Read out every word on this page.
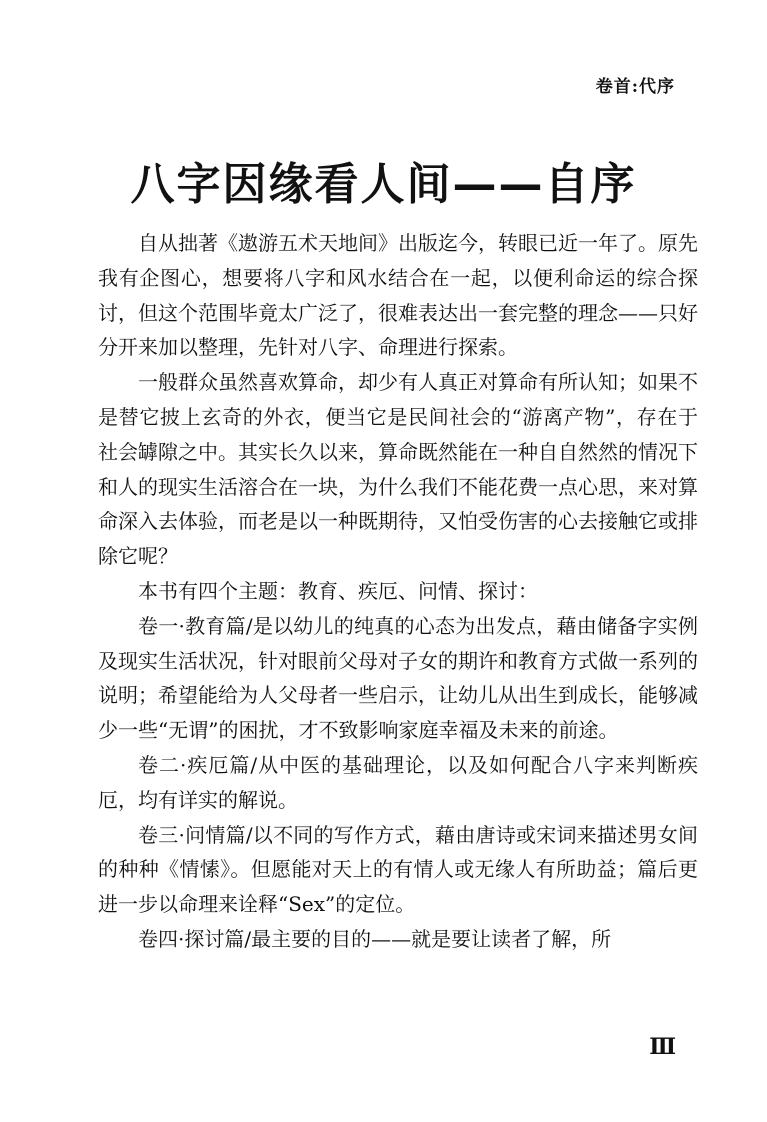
卷首:代序
八字因缘看人间——自序

自从拙著《遨游五术天地间》出版迄今，转眼已近一年了。原先我有企图心，想要将八字和风水结合在一起，以便利命运的综合探讨，但这个范围毕竟太广泛了，很难表达出一套完整的理念——只好分开来加以整理，先针对八字、命理进行探索。

一般群众虽然喜欢算命，却少有人真正对算命有所认知；如果不是替它披上玄奇的外衣，便当它是民间社会的“游离产物”，存在于社会罅隙之中。其实长久以来，算命既然能在一种自自然然的情况下和人的现实生活溶合在一块，为什么我们不能花费一点心思，来对算命深入去体验，而老是以一种既期待，又怕受伤害的心去接触它或排除它呢？

本书有四个主题：教育、疾厄、问情、探讨：

卷一·教育篇/是以幼儿的纯真的心态为出发点，藉由储备字实例及现实生活状况，针对眼前父母对子女的期许和教育方式做一系列的说明；希望能给为人父母者一些启示，让幼儿从出生到成长，能够减少一些“无谓”的困扰，才不致影响家庭幸福及未来的前途。

卷二·疾厄篇/从中医的基础理论，以及如何配合八字来判断疾厄，均有详实的解说。

卷三·问情篇/以不同的写作方式，藉由唐诗或宋词来描述男女间的种种《情愫》。但愿能对天上的有情人或无缘人有所助益；篇后更进一步以命理来诠释“Sex”的定位。

卷四·探讨篇/最主要的目的——就是要让读者了解，所

Ⅲ
